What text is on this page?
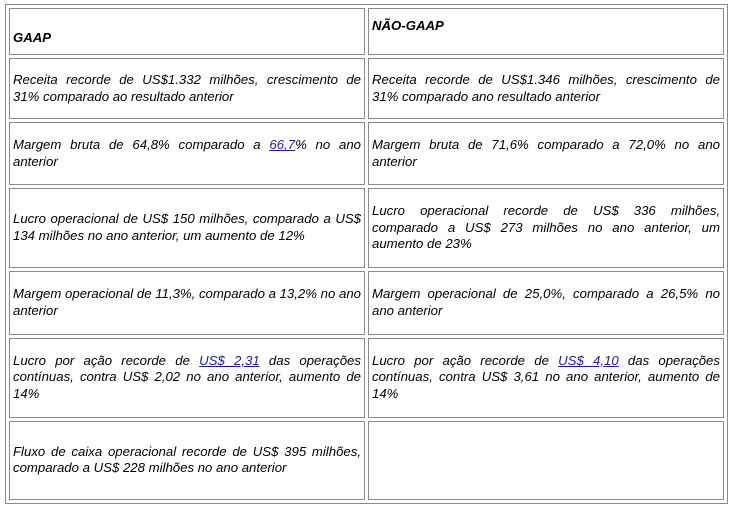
GAAP	NÃO-GAAP
Receita recorde de US$1.332 milhões, crescimento de 31% comparado ao resultado anterior	Receita recorde de US$1.346 milhões, crescimento de 31% comparado ano resultado anterior
Margem bruta de 64,8% comparado a 66,7% no ano anterior	Margem bruta de 71,6% comparado a 72,0% no ano anterior
Lucro operacional de US$ 150 milhões, comparado a US$ 134 milhões no ano anterior, um aumento de 12%	Lucro operacional recorde de US$ 336 milhões, comparado a US$ 273 milhões no ano anterior, um aumento de 23%
Margem operacional de 11,3%, comparado a 13,2% no ano anterior	Margem operacional de 25,0%, comparado a 26,5% no ano anterior
Lucro por ação recorde de US$ 2,31 das operações contínuas, contra US$ 2,02 no ano anterior, aumento de 14%	Lucro por ação recorde de US$ 4,10 das operações contínuas, contra US$ 3,61 no ano anterior, aumento de 14%
Fluxo de caixa operacional recorde de US$ 395 milhões, comparado a US$ 228 milhões no ano anterior	
